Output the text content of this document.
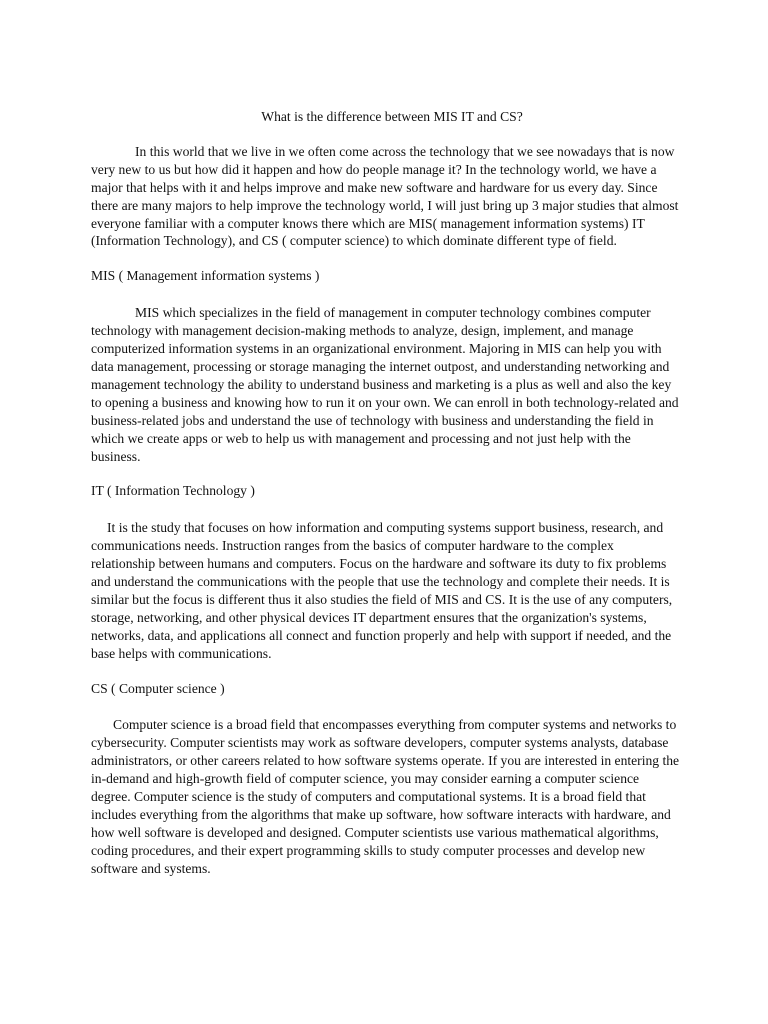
What is the difference between MIS IT and CS?

In this world that we live in we often come across the technology that we see nowadays that is now very new to us but how did it happen and how do people manage it? In the technology world, we have a major that helps with it and helps improve and make new software and hardware for us every day. Since there are many majors to help improve the technology world, I will just bring up 3 major studies that almost everyone familiar with a computer knows there which are MIS( management information systems) IT (Information Technology), and CS ( computer science) to which dominate different type of field.

MIS ( Management information systems )

MIS which specializes in the field of management in computer technology combines computer technology with management decision-making methods to analyze, design, implement, and manage computerized information systems in an organizational environment. Majoring in MIS can help you with data management, processing or storage managing the internet outpost, and understanding networking and management technology the ability to understand business and marketing is a plus as well and also the key to opening a business and knowing how to run it on your own. We can enroll in both technology-related and business-related jobs and understand the use of technology with business and understanding the field in which we create apps or web to help us with management and processing and not just help with the business.

IT ( Information Technology )

It is the study that focuses on how information and computing systems support business, research, and communications needs. Instruction ranges from the basics of computer hardware to the complex relationship between humans and computers. Focus on the hardware and software its duty to fix problems and understand the communications with the people that use the technology and complete their needs. It is similar but the focus is different thus it also studies the field of MIS and CS. It is the use of any computers, storage, networking, and other physical devices IT department ensures that the organization's systems, networks, data, and applications all connect and function properly and help with support if needed, and the base helps with communications.

CS ( Computer science )

Computer science is a broad field that encompasses everything from computer systems and networks to cybersecurity. Computer scientists may work as software developers, computer systems analysts, database administrators, or other careers related to how software systems operate. If you are interested in entering the in-demand and high-growth field of computer science, you may consider earning a computer science degree. Computer science is the study of computers and computational systems. It is a broad field that includes everything from the algorithms that make up software, how software interacts with hardware, and how well software is developed and designed. Computer scientists use various mathematical algorithms, coding procedures, and their expert programming skills to study computer processes and develop new software and systems.
